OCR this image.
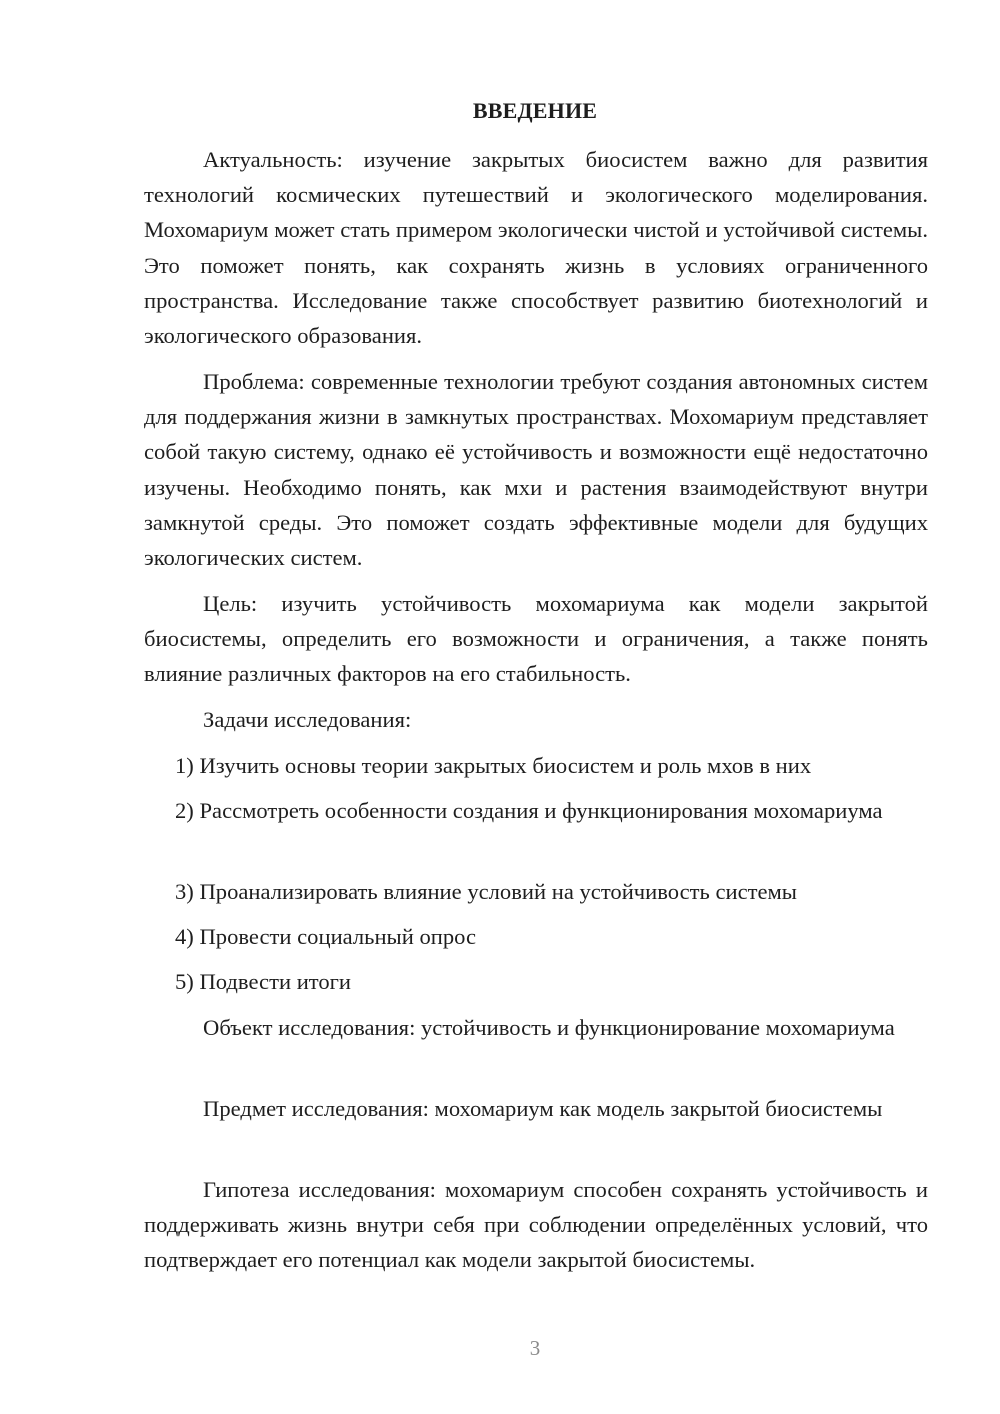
ВВЕДЕНИЕ

Актуальность: изучение закрытых биосистем важно для развития технологий космических путешествий и экологического моделирования. Мохомариум может стать примером экологически чистой и устойчивой системы. Это поможет понять, как сохранять жизнь в условиях ограниченного пространства. Исследование также способствует развитию биотехнологий и экологического образования.

Проблема: современные технологии требуют создания автономных систем для поддержания жизни в замкнутых пространствах. Мохомариум представляет собой такую систему, однако её устойчивость и возможности ещё недостаточно изучены. Необходимо понять, как мхи и растения взаимодействуют внутри замкнутой среды. Это поможет создать эффективные модели для будущих экологических систем.

Цель: изучить устойчивость мохомариума как модели закрытой биосистемы, определить его возможности и ограничения, а также понять влияние различных факторов на его стабильность.

Задачи исследования:

1) Изучить основы теории закрытых биосистем и роль мхов в них

2) Рассмотреть особенности создания и функционирования мохомариума

3) Проанализировать влияние условий на устойчивость системы

4) Провести социальный опрос

5) Подвести итоги

Объект исследования: устойчивость и функционирование мохомариума

Предмет исследования: мохомариум как модель закрытой биосистемы

Гипотеза исследования: мохомариум способен сохранять устойчивость и поддерживать жизнь внутри себя при соблюдении определённых условий, что подтверждает его потенциал как модели закрытой биосистемы.

3
